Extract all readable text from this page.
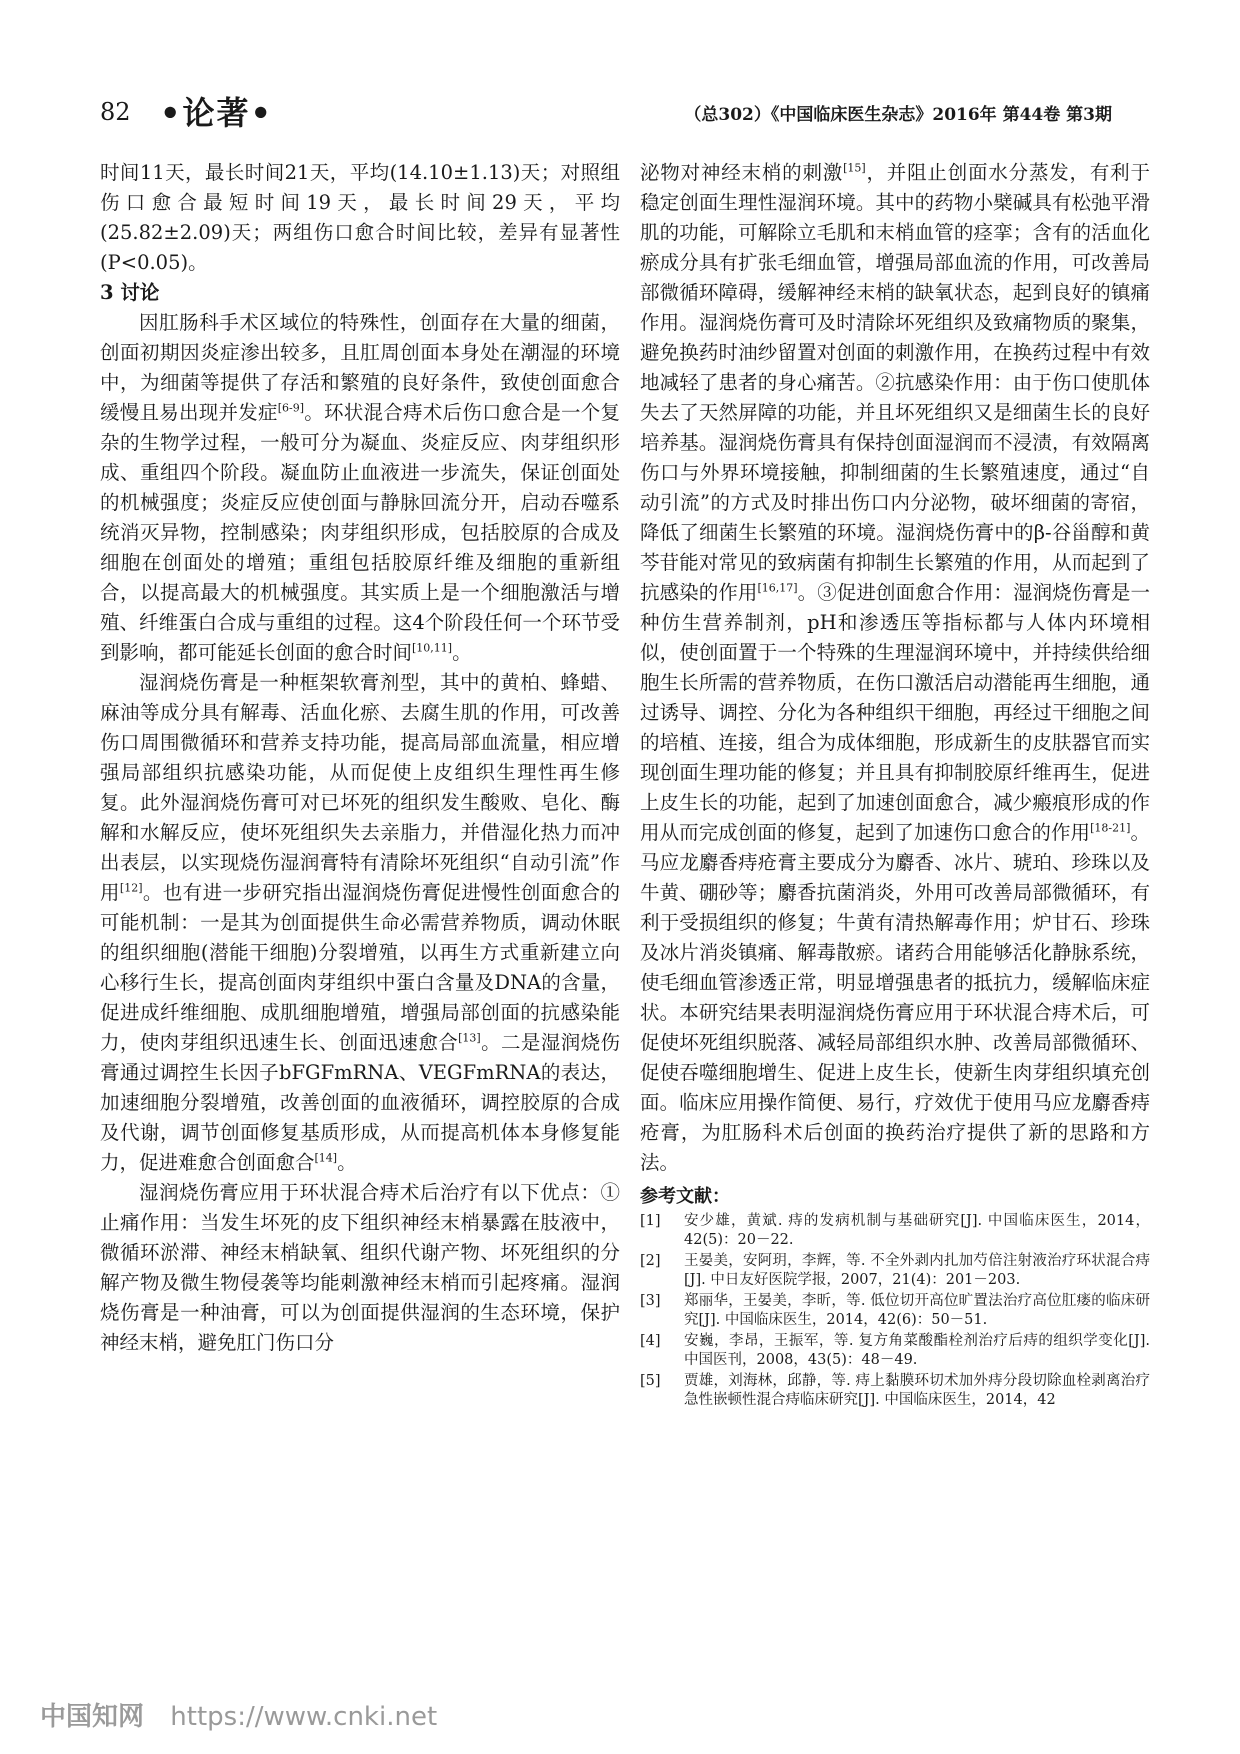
82 •论著•	（总302）《中国临床医生杂志》2016年 第44卷 第3期

时间11天，最长时间21天，平均(14.10±1.13)天；对照组伤口愈合最短时间19天，最长时间29天，平均(25.82±2.09)天；两组伤口愈合时间比较，差异有显著性(P<0.05)。

3 讨论

因肛肠科手术区域位的特殊性，创面存在大量的细菌，创面初期因炎症渗出较多，且肛周创面本身处在潮湿的环境中，为细菌等提供了存活和繁殖的良好条件，致使创面愈合缓慢且易出现并发症[6-9]。环状混合痔术后伤口愈合是一个复杂的生物学过程，一般可分为凝血、炎症反应、肉芽组织形成、重组四个阶段。凝血防止血液进一步流失，保证创面处的机械强度；炎症反应使创面与静脉回流分开，启动吞噬系统消灭异物，控制感染；肉芽组织形成，包括胶原的合成及细胞在创面处的增殖；重组包括胶原纤维及细胞的重新组合，以提高最大的机械强度。其实质上是一个细胞激活与增殖、纤维蛋白合成与重组的过程。这4个阶段任何一个环节受到影响，都可能延长创面的愈合时间[10,11]。

湿润烧伤膏是一种框架软膏剂型，其中的黄柏、蜂蜡、麻油等成分具有解毒、活血化瘀、去腐生肌的作用，可改善伤口周围微循环和营养支持功能，提高局部血流量，相应增强局部组织抗感染功能，从而促使上皮组织生理性再生修复。此外湿润烧伤膏可对已坏死的组织发生酸败、皂化、酶解和水解反应，使坏死组织失去亲脂力，并借湿化热力而冲出表层，以实现烧伤湿润膏特有清除坏死组织“自动引流”作用[12]。也有进一步研究指出湿润烧伤膏促进慢性创面愈合的可能机制：一是其为创面提供生命必需营养物质，调动休眠的组织细胞(潜能干细胞)分裂增殖，以再生方式重新建立向心移行生长，提高创面肉芽组织中蛋白含量及DNA的含量，促进成纤维细胞、成肌细胞增殖，增强局部创面的抗感染能力，使肉芽组织迅速生长、创面迅速愈合[13]。二是湿润烧伤膏通过调控生长因子bFGFmRNA、VEGFmRNA的表达，加速细胞分裂增殖，改善创面的血液循环，调控胶原的合成及代谢，调节创面修复基质形成，从而提高机体本身修复能力，促进难愈合创面愈合[14]。

湿润烧伤膏应用于环状混合痔术后治疗有以下优点：①止痛作用：当发生坏死的皮下组织神经末梢暴露在肢液中，微循环淤滞、神经末梢缺氧、组织代谢产物、坏死组织的分解产物及微生物侵袭等均能刺激神经末梢而引起疼痛。湿润烧伤膏是一种油膏，可以为创面提供湿润的生态环境，保护神经末梢，避免肛门伤口分

泌物对神经末梢的刺激[15]，并阻止创面水分蒸发，有利于稳定创面生理性湿润环境。其中的药物小檗碱具有松弛平滑肌的功能，可解除立毛肌和末梢血管的痉挛；含有的活血化瘀成分具有扩张毛细血管，增强局部血流的作用，可改善局部微循环障碍，缓解神经末梢的缺氧状态，起到良好的镇痛作用。湿润烧伤膏可及时清除坏死组织及致痛物质的聚集，避免换药时油纱留置对创面的刺激作用，在换药过程中有效地减轻了患者的身心痛苦。②抗感染作用：由于伤口使肌体失去了天然屏障的功能，并且坏死组织又是细菌生长的良好培养基。湿润烧伤膏具有保持创面湿润而不浸渍，有效隔离伤口与外界环境接触，抑制细菌的生长繁殖速度，通过“自动引流”的方式及时排出伤口内分泌物，破坏细菌的寄宿，降低了细菌生长繁殖的环境。湿润烧伤膏中的β-谷甾醇和黄芩苷能对常见的致病菌有抑制生长繁殖的作用，从而起到了抗感染的作用[16,17]。③促进创面愈合作用：湿润烧伤膏是一种仿生营养制剂，pH和渗透压等指标都与人体内环境相似，使创面置于一个特殊的生理湿润环境中，并持续供给细胞生长所需的营养物质，在伤口激活启动潜能再生细胞，通过诱导、调控、分化为各种组织干细胞，再经过干细胞之间的培植、连接，组合为成体细胞，形成新生的皮肤器官而实现创面生理功能的修复；并且具有抑制胶原纤维再生，促进上皮生长的功能，起到了加速创面愈合，减少瘢痕形成的作用从而完成创面的修复，起到了加速伤口愈合的作用[18-21]。马应龙麝香痔疮膏主要成分为麝香、冰片、琥珀、珍珠以及牛黄、硼砂等；麝香抗菌消炎，外用可改善局部微循环，有利于受损组织的修复；牛黄有清热解毒作用；炉甘石、珍珠及冰片消炎镇痛、解毒散瘀。诸药合用能够活化静脉系统，使毛细血管渗透正常，明显增强患者的抵抗力，缓解临床症状。本研究结果表明湿润烧伤膏应用于环状混合痔术后，可促使坏死组织脱落、减轻局部组织水肿、改善局部微循环、促使吞噬细胞增生、促进上皮生长，使新生肉芽组织填充创面。临床应用操作简便、易行，疗效优于使用马应龙麝香痔疮膏，为肛肠科术后创面的换药治疗提供了新的思路和方法。

参考文献：
[1]	安少雄，黄斌. 痔的发病机制与基础研究[J]. 中国临床医生，2014，42(5)：20－22.
[2]	王晏美，安阿玥，李辉，等. 不全外剥内扎加芍倍注射液治疗环状混合痔[J]. 中日友好医院学报，2007，21(4)：201－203.
[3]	郑丽华，王晏美，李昕，等. 低位切开高位旷置法治疗高位肛瘘的临床研究[J]. 中国临床医生，2014，42(6)：50－51.
[4]	安巍，李昂，王振军，等. 复方角菜酸酯栓剂治疗后痔的组织学变化[J]. 中国医刊，2008，43(5)：48－49.
[5]	贾雄，刘海林，邱静，等. 痔上黏膜环切术加外痔分段切除血栓剥离治疗急性嵌顿性混合痔临床研究[J]. 中国临床医生，2014，42
中国知网 https://www.cnki.net
